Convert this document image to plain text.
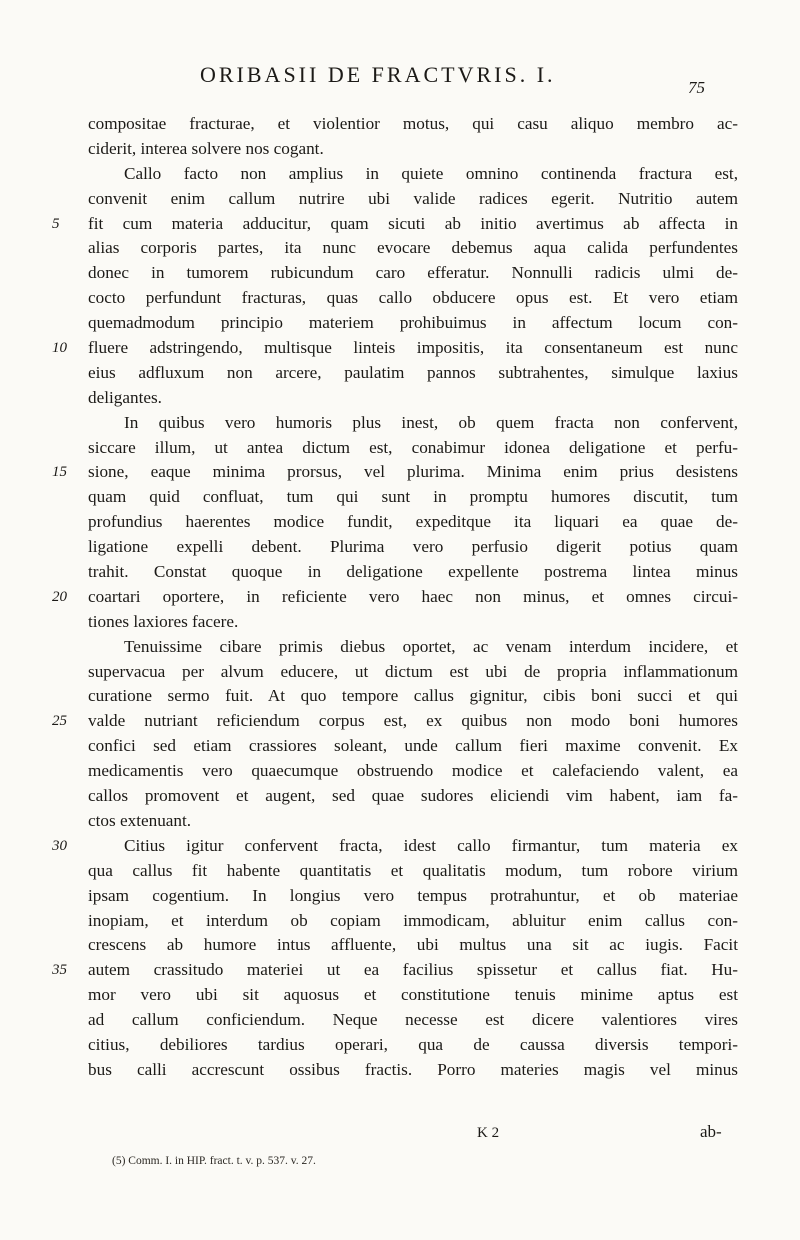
ORIBASII DE FRACTVRIS. I.
75
compositae fracturae, et violentior motus, qui casu aliquo membro ac-
ciderit, interea solvere nos cogant.
Callo facto non amplius in quiete omnino continenda fractura est,
convenit enim callum nutrire ubi valide radices egerit. Nutritio autem
5	fit cum materia adducitur, quam sicuti ab initio avertimus ab affecta in
alias corporis partes, ita nunc evocare debemus aqua calida perfundentes
donec in tumorem rubicundum caro efferatur. Nonnulli radicis ulmi de-
cocto perfundunt fracturas, quas callo obducere opus est. Et vero etiam
quemadmodum principio materiem prohibuimus in affectum locum con-
10	fluere adstringendo, multisque linteis impositis, ita consentaneum est nunc
eius adfluxum non arcere, paulatim pannos subtrahentes, simulque laxius
deligantes.
In quibus vero humoris plus inest, ob quem fracta non confervent,
siccare illum, ut antea dictum est, conabimur idonea deligatione et perfu-
15	sione, eaque minima prorsus, vel plurima. Minima enim prius desistens
quam quid confluat, tum qui sunt in promptu humores discutit, tum
profundius haerentes modice fundit, expeditque ita liquari ea quae de-
ligatione expelli debent. Plurima vero perfusio digerit potius quam
trahit. Constat quoque in deligatione expellente postrema lintea minus
20	coartari oportere, in reficiente vero haec non minus, et omnes circui-
tiones laxiores facere.
Tenuissime cibare primis diebus oportet, ac venam interdum incidere, et
supervacua per alvum educere, ut dictum est ubi de propria inflammationum
curatione sermo fuit. At quo tempore callus gignitur, cibis boni succi et qui
25	valde nutriant reficiendum corpus est, ex quibus non modo boni humores
confici sed etiam crassiores soleant, unde callum fieri maxime convenit. Ex
medicamentis vero quaecumque obstruendo modice et calefaciendo valent, ea
callos promovent et augent, sed quae sudores eliciendi vim habent, iam fa-
ctos extenuant.
30	Citius igitur confervent fracta, idest callo firmantur, tum materia ex
qua callus fit habente quantitatis et qualitatis modum, tum robore virium
ipsam cogentium. In longius vero tempus protrahuntur, et ob materiae
inopiam, et interdum ob copiam immodicam, abluitur enim callus con-
crescens ab humore intus affluente, ubi multus una sit ac iugis. Facit
35	autem crassitudo materiei ut ea facilius spissetur et callus fiat. Hu-
mor vero ubi sit aquosus et constitutione tenuis minime aptus est
ad callum conficiendum. Neque necesse est dicere valentiores vires
citius, debiliores tardius operari, qua de caussa diversis tempori-
bus calli accrescunt ossibus fractis. Porro materies magis vel minus
K 2	ab-
(5) Comm. I. in HIP. fract. t. v. p. 537. v. 27.
